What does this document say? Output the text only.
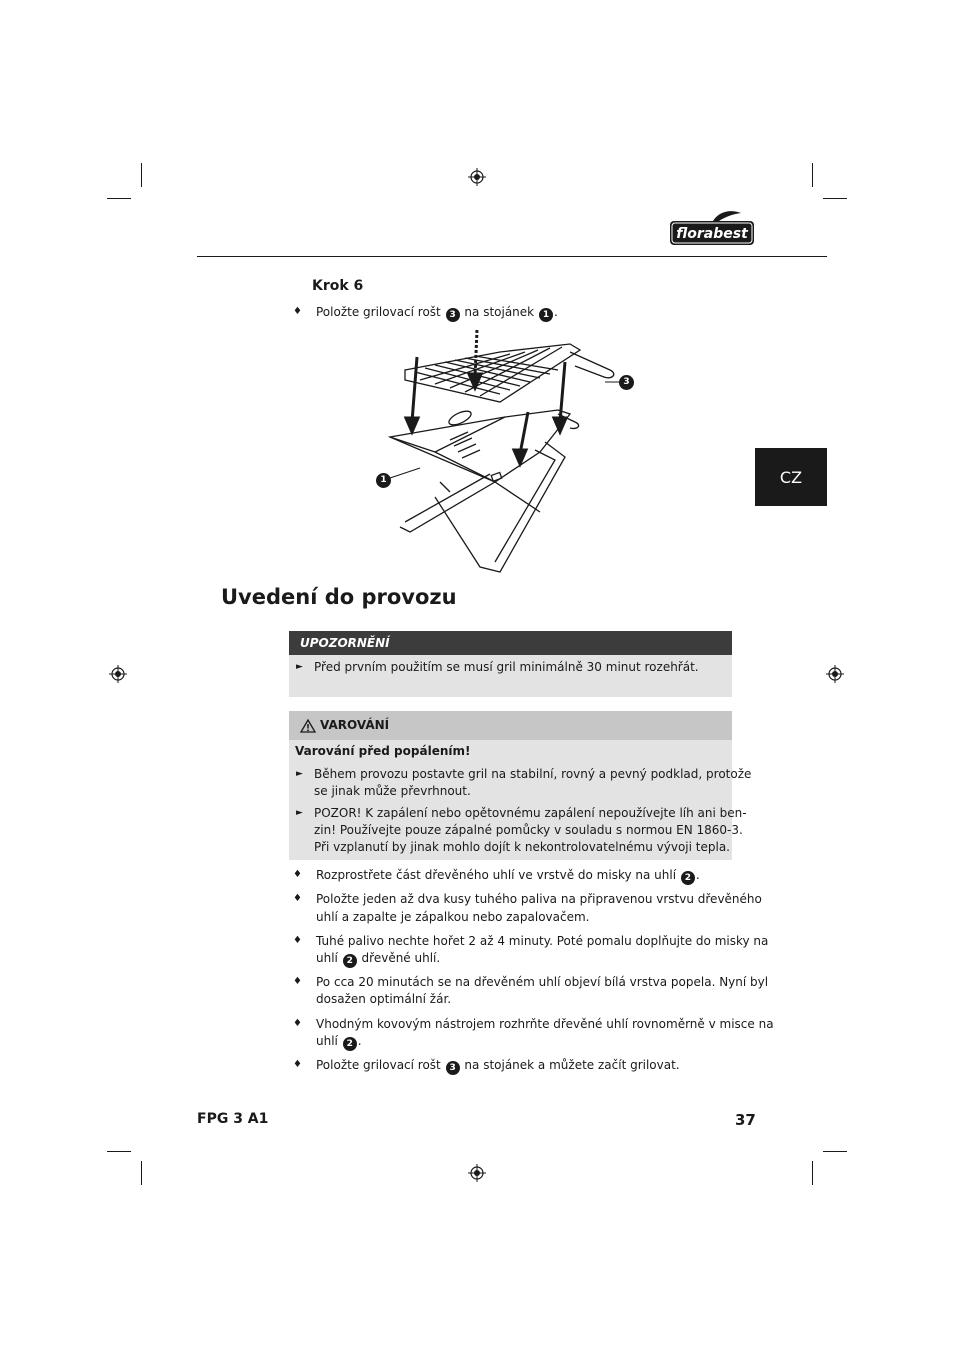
florabest
CZ
Krok 6
♦ Položte grilovací rošt 3 na stojánek 1 .
3
1
Uvedení do provozu
UPOZORNĚNÍ
► Před prvním použitím se musí gril minimálně 30 minut rozehřát.
VAROVÁNÍ
Varování před popálením!
► Během provozu postavte gril na stabilní, rovný a pevný podklad, protože
se jinak může převrhnout.
► POZOR! K zapálení nebo opětovnému zapálení nepoužívejte líh ani ben-
zin! Používejte pouze zápalné pomůcky v souladu s normou EN 1860-3.
Při vzplanutí by jinak mohlo dojít k nekontrolovatelnému vývoji tepla.
♦ Rozprostřete část dřevěného uhlí ve vrstvě do misky na uhlí 2 .
♦ Položte jeden až dva kusy tuhého paliva na připravenou vrstvu dřevěného
uhlí a zapalte je zápalkou nebo zapalovačem.
♦ Tuhé palivo nechte hořet 2 až 4 minuty. Poté pomalu doplňujte do misky na
uhlí 2 dřevěné uhlí.
♦ Po cca 20 minutách se na dřevěném uhlí objeví bílá vrstva popela. Nyní byl
dosažen optimální žár.
♦ Vhodným kovovým nástrojem rozhrňte dřevěné uhlí rovnoměrně v misce na
uhlí 2 .
♦ Položte grilovací rošt 3 na stojánek a můžete začít grilovat.
FPG 3 A1	37
